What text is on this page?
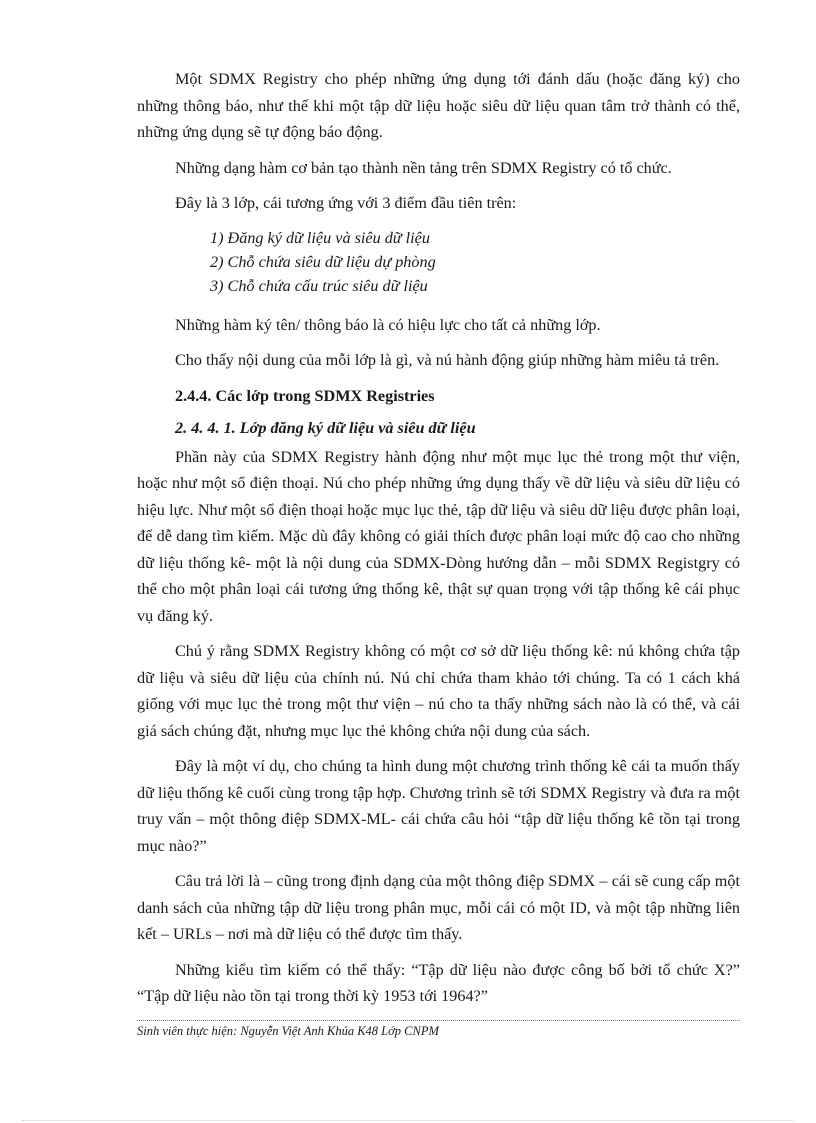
Một SDMX Registry cho phép những ứng dụng tới đánh dấu (hoặc đăng ký) cho những thông báo, như thế khi một tập dữ liệu hoặc siêu dữ liệu quan tâm trở thành có thể, những ứng dụng sẽ tự động báo động.

Những dạng hàm cơ bản tạo thành nền tảng trên SDMX Registry có tổ chức.

Đây là 3 lớp, cái tương ứng với 3 điểm đầu tiên trên:

1) Đăng ký dữ liệu và siêu dữ liệu
2) Chỗ chứa siêu dữ liệu dự phòng
3) Chỗ chứa cấu trúc siêu dữ liệu

Những hàm ký tên/ thông báo là có hiệu lực cho tất cả những lớp.

Cho thấy nội dung của mỗi lớp là gì, và nú hành động giúp những hàm miêu tả trên.

2.4.4. Các lớp trong SDMX Registries

2. 4. 4. 1. Lớp đăng ký dữ liệu và siêu dữ liệu

Phần này của SDMX Registry hành động như một mục lục thẻ trong một thư viện, hoặc như một sổ điện thoại. Nú cho phép những ứng dụng thấy về dữ liệu và siêu dữ liệu có hiệu lực. Như một sổ điện thoại hoặc mục lục thẻ, tập dữ liệu và siêu dữ liệu được phân loại, để dễ dang tìm kiếm. Mặc dù đây không có giải thích được phân loại mức độ cao cho những dữ liệu thống kê- một là nội dung của SDMX-Dòng hướng dẫn – mỗi SDMX Registgry có thể cho một phân loại cái tương ứng thống kê, thật sự quan trọng với tập thống kê cái phục vụ đăng ký.

Chú ý rằng SDMX Registry không có một cơ sở dữ liệu thống kê: nú không chứa tập dữ liệu và siêu dữ liệu của chính nú. Nú chỉ chứa tham khảo tới chúng. Ta có 1 cách khá giống với mục lục thẻ trong một thư viện – nú cho ta thấy những sách nào là có thể, và cái giá sách chúng đặt, nhưng mục lục thẻ không chứa nội dung của sách.

Đây là một ví dụ, cho chúng ta hình dung một chương trình thống kê cái ta muốn thấy dữ liệu thống kê cuối cùng trong tập hợp. Chương trình sẽ tới SDMX Registry và đưa ra một truy vấn – một thông điệp SDMX-ML- cái chứa câu hỏi “tập dữ liệu thống kê tồn tại trong mục nào?”

Câu trả lời là – cũng trong định dạng của một thông điệp SDMX – cái sẽ cung cấp một danh sách của những tập dữ liệu trong phân mục, mỗi cái có một ID, và một tập những liên kết – URLs – nơi mà dữ liệu có thể được tìm thấy.

Những kiểu tìm kiếm có thể thấy: “Tập dữ liệu nào được công bố bởi tổ chức X?” “Tập dữ liệu nào tồn tại trong thời kỳ 1953 tới 1964?”

Sinh viên thực hiện: Nguyễn Việt Anh Khúa K48 Lớp CNPM
